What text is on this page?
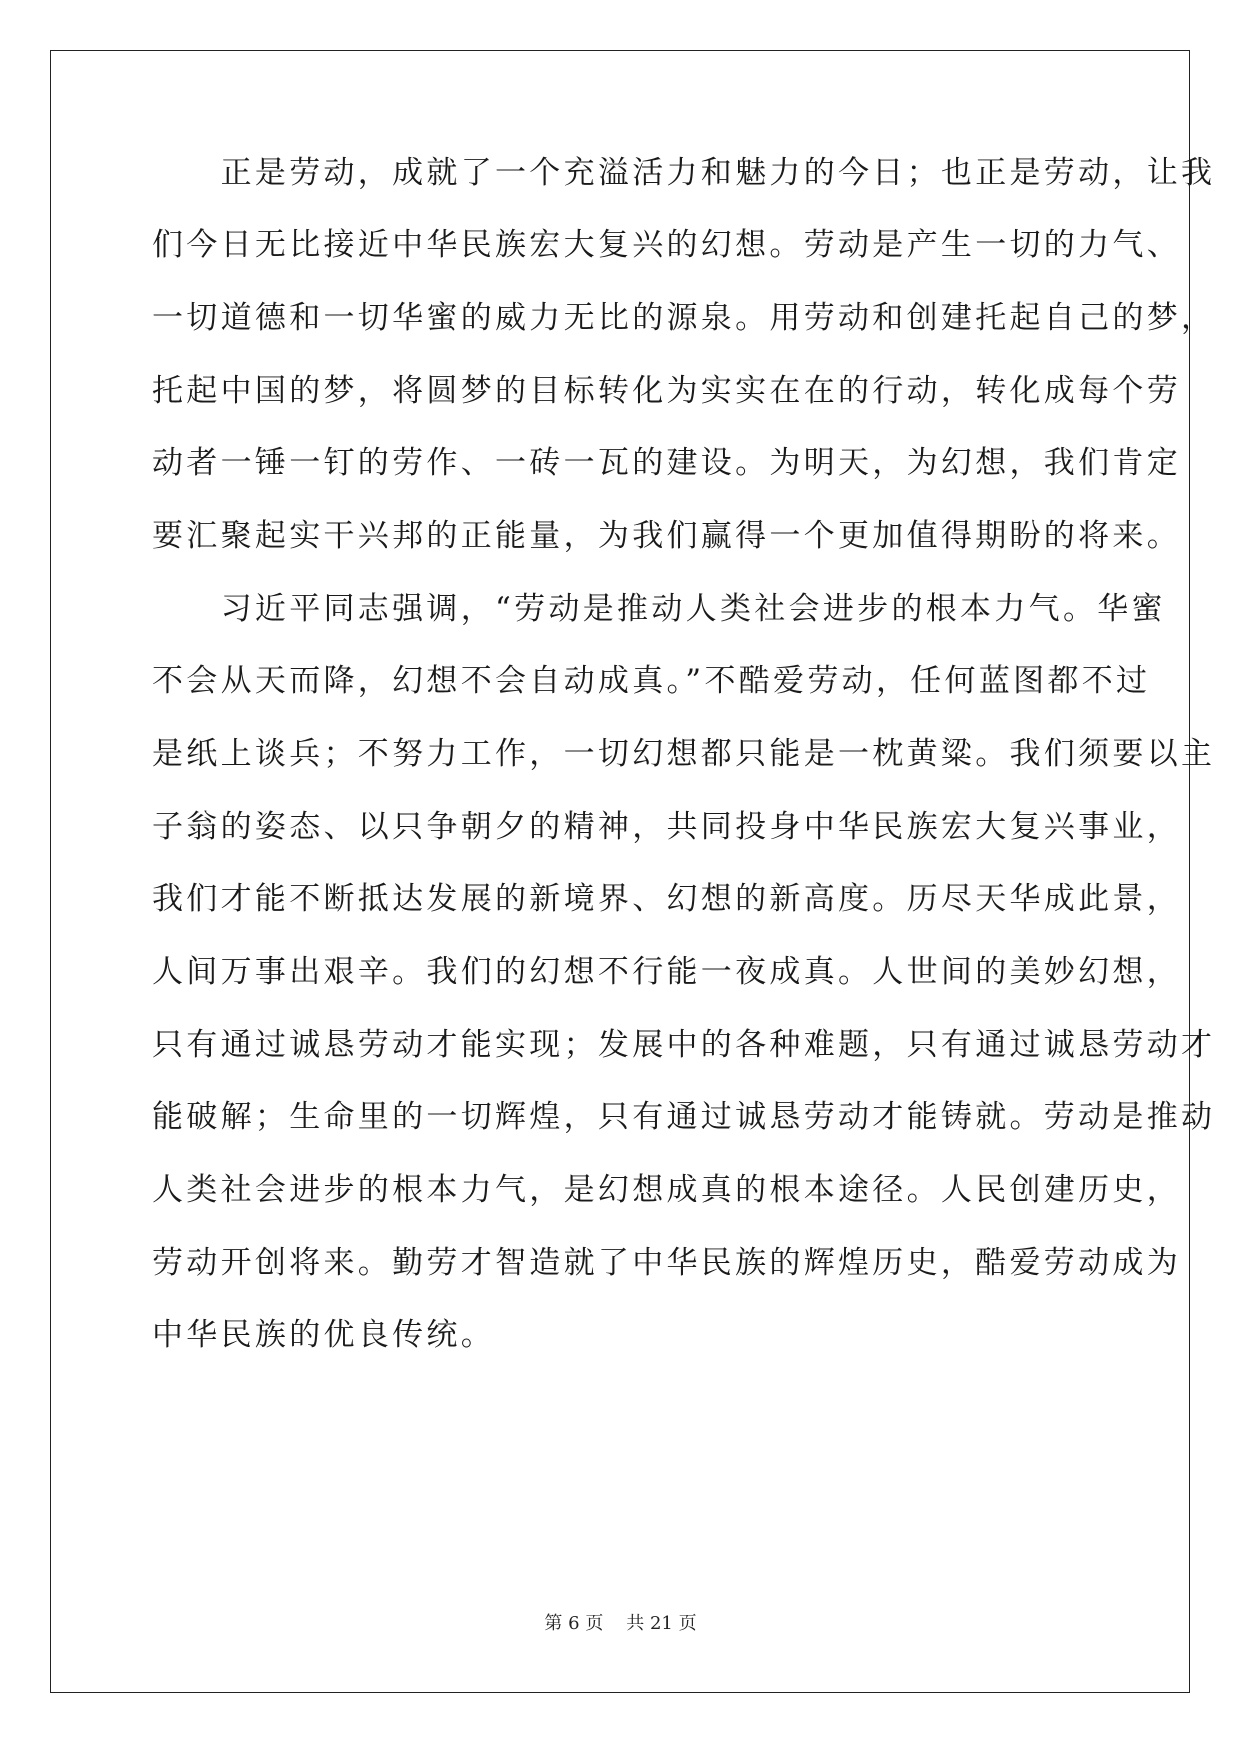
　　正是劳动，成就了一个充溢活力和魅力的今日；也正是劳动，让我
们今日无比接近中华民族宏大复兴的幻想。劳动是产生一切的力气、
一切道德和一切华蜜的威力无比的源泉。用劳动和创建托起自己的梦，
托起中国的梦，将圆梦的目标转化为实实在在的行动，转化成每个劳
动者一锤一钉的劳作、一砖一瓦的建设。为明天，为幻想，我们肯定
要汇聚起实干兴邦的正能量，为我们赢得一个更加值得期盼的将来。
　　习近平同志强调，“劳动是推动人类社会进步的根本力气。华蜜
不会从天而降，幻想不会自动成真。”不酷爱劳动，任何蓝图都不过
是纸上谈兵；不努力工作，一切幻想都只能是一枕黄粱。我们须要以主
子翁的姿态、以只争朝夕的精神，共同投身中华民族宏大复兴事业，
我们才能不断抵达发展的新境界、幻想的新高度。历尽天华成此景，
人间万事出艰辛。我们的幻想不行能一夜成真。人世间的美妙幻想，
只有通过诚恳劳动才能实现；发展中的各种难题，只有通过诚恳劳动才
能破解；生命里的一切辉煌，只有通过诚恳劳动才能铸就。劳动是推动
人类社会进步的根本力气，是幻想成真的根本途径。人民创建历史，
劳动开创将来。勤劳才智造就了中华民族的辉煌历史，酷爱劳动成为
中华民族的优良传统。
第 6 页 共 21 页
